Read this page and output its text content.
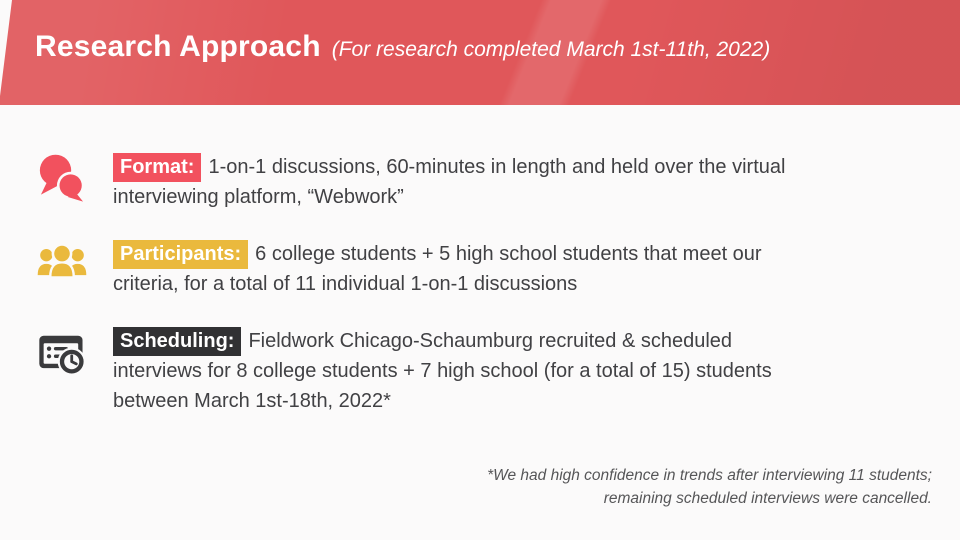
Research Approach (For research completed March 1st-11th, 2022)
Format: 1-on-1 discussions, 60-minutes in length and held over the virtual
interviewing platform, “Webwork”
Participants: 6 college students + 5 high school students that meet our
criteria, for a total of 11 individual 1-on-1 discussions
Scheduling: Fieldwork Chicago-Schaumburg recruited & scheduled
interviews for 8 college students + 7 high school (for a total of 15) students
between March 1st-18th, 2022*
*We had high confidence in trends after interviewing 11 students;
remaining scheduled interviews were cancelled.
